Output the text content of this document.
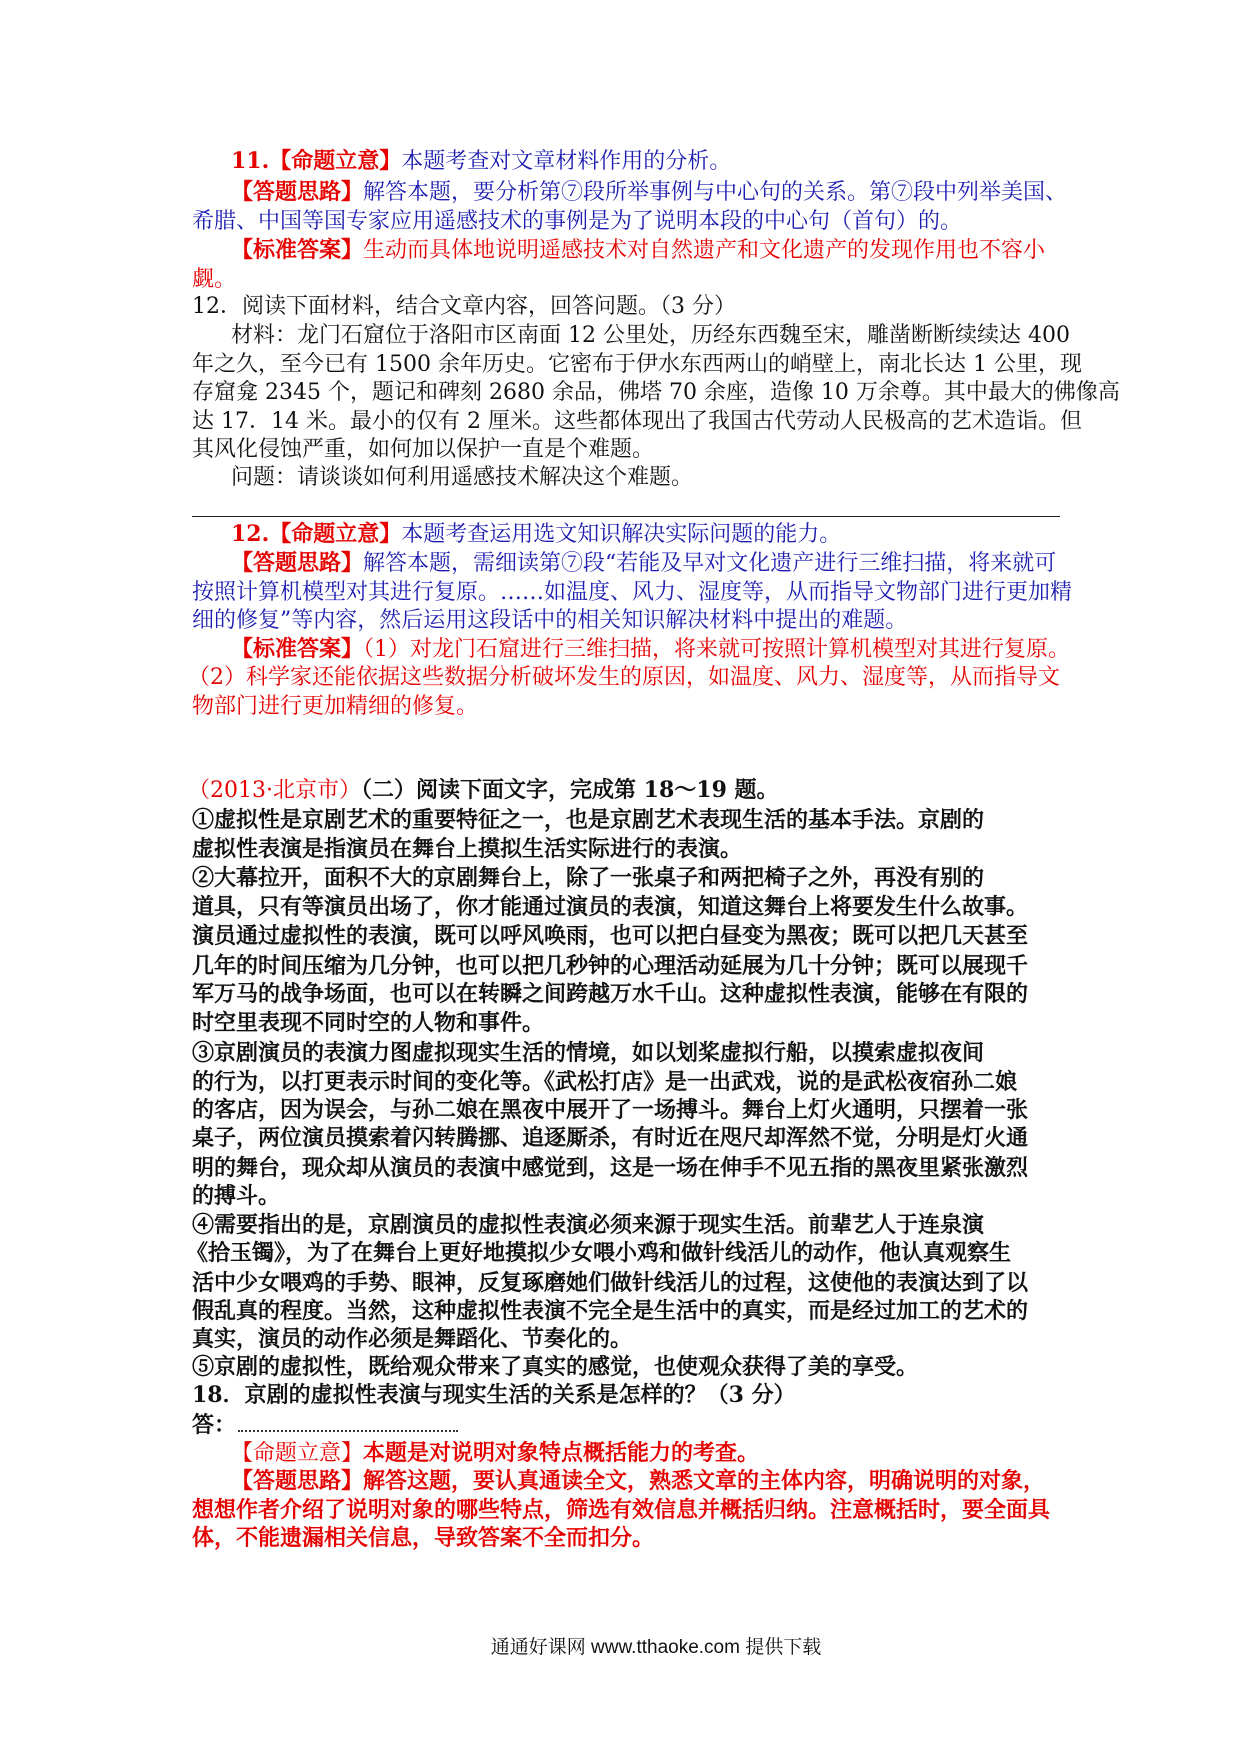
11.【命题立意】本题考查对文章材料作用的分析。
【答题思路】解答本题，要分析第⑦段所举事例与中心句的关系。第⑦段中列举美国、
希腊、中国等国专家应用遥感技术的事例是为了说明本段的中心句（首句）的。
【标准答案】生动而具体地说明遥感技术对自然遗产和文化遗产的发现作用也不容小
觑。
12．阅读下面材料，结合文章内容，回答问题。（3 分）
材料：龙门石窟位于洛阳市区南面 12 公里处，历经东西魏至宋，雕凿断断续续达 400
年之久，至今已有 1500 余年历史。它密布于伊水东西两山的峭壁上，南北长达 1 公里，现
存窟龛 2345 个，题记和碑刻 2680 余品，佛塔 70 余座，造像 10 万余尊。其中最大的佛像高
达 17．14 米。最小的仅有 2 厘米。这些都体现出了我国古代劳动人民极高的艺术造诣。但
其风化侵蚀严重，如何加以保护一直是个难题。
问题：请谈谈如何利用遥感技术解决这个难题。
12.【命题立意】本题考查运用选文知识解决实际问题的能力。
【答题思路】解答本题，需细读第⑦段“若能及早对文化遗产进行三维扫描，将来就可
按照计算机模型对其进行复原。……如温度、风力、湿度等，从而指导文物部门进行更加精
细的修复”等内容，然后运用这段话中的相关知识解决材料中提出的难题。
【标准答案】（1）对龙门石窟进行三维扫描，将来就可按照计算机模型对其进行复原。
（2）科学家还能依据这些数据分析破坏发生的原因，如温度、风力、湿度等，从而指导文
物部门进行更加精细的修复。
（2013·北京市）（二）阅读下面文字，完成第 18～19 题。
①虚拟性是京剧艺术的重要特征之一，也是京剧艺术表现生活的基本手法。京剧的
虚拟性表演是指演员在舞台上摸拟生活实际进行的表演。
②大幕拉开，面积不大的京剧舞台上，除了一张桌子和两把椅子之外，再没有别的
道具，只有等演员出场了，你才能通过演员的表演，知道这舞台上将要发生什么故事。
演员通过虚拟性的表演，既可以呼风唤雨，也可以把白昼变为黑夜；既可以把几天甚至
几年的时间压缩为几分钟，也可以把几秒钟的心理活动延展为几十分钟；既可以展现千
军万马的战争场面，也可以在转瞬之间跨越万水千山。这种虚拟性表演，能够在有限的
时空里表现不同时空的人物和事件。
③京剧演员的表演力图虚拟现实生活的情境，如以划桨虚拟行船，以摸索虚拟夜间
的行为，以打更表示时间的变化等。《武松打店》是一出武戏，说的是武松夜宿孙二娘
的客店，因为误会，与孙二娘在黑夜中展开了一场搏斗。舞台上灯火通明，只摆着一张
桌子，两位演员摸索着闪转腾挪、追逐厮杀，有时近在咫尺却浑然不觉，分明是灯火通
明的舞台，现众却从演员的表演中感觉到，这是一场在伸手不见五指的黑夜里紧张激烈
的搏斗。
④需要指出的是，京剧演员的虚拟性表演必须来源于现实生活。前辈艺人于连泉演
《拾玉镯》，为了在舞台上更好地摸拟少女喂小鸡和做针线活儿的动作，他认真观察生
活中少女喂鸡的手势、眼神，反复琢磨她们做针线活儿的过程，这使他的表演达到了以
假乱真的程度。当然，这种虚拟性表演不完全是生活中的真实，而是经过加工的艺术的
真实，演员的动作必须是舞蹈化、节奏化的。
⑤京剧的虚拟性，既给观众带来了真实的感觉，也使观众获得了美的享受。
18．京剧的虚拟性表演与现实生活的关系是怎样的？（3 分）
答：
【命题立意】本题是对说明对象特点概括能力的考查。
【答题思路】解答这题，要认真通读全文，熟悉文章的主体内容，明确说明的对象，
想想作者介绍了说明对象的哪些特点，筛选有效信息并概括归纳。注意概括时，要全面具
体，不能遗漏相关信息，导致答案不全而扣分。
通通好课网 www.tthaoke.com 提供下载
